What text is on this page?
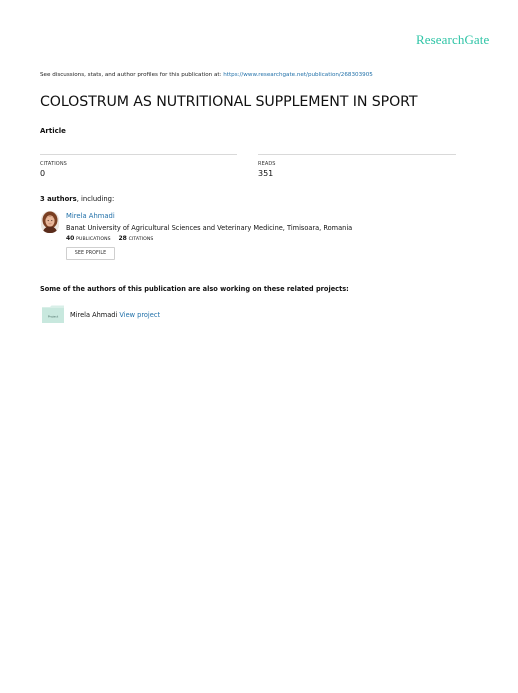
ResearchGate
See discussions, stats, and author profiles for this publication at: https://www.researchgate.net/publication/268303905
COLOSTRUM AS NUTRITIONAL SUPPLEMENT IN SPORT
Article
CITATIONS
0
READS
351
3 authors, including:
Mirela Ahmadi
Banat University of Agricultural Sciences and Veterinary Medicine, Timisoara, Romania
40 PUBLICATIONS 28 CITATIONS
SEE PROFILE
Some of the authors of this publication are also working on these related projects:
Project Mirela Ahmadi View project
